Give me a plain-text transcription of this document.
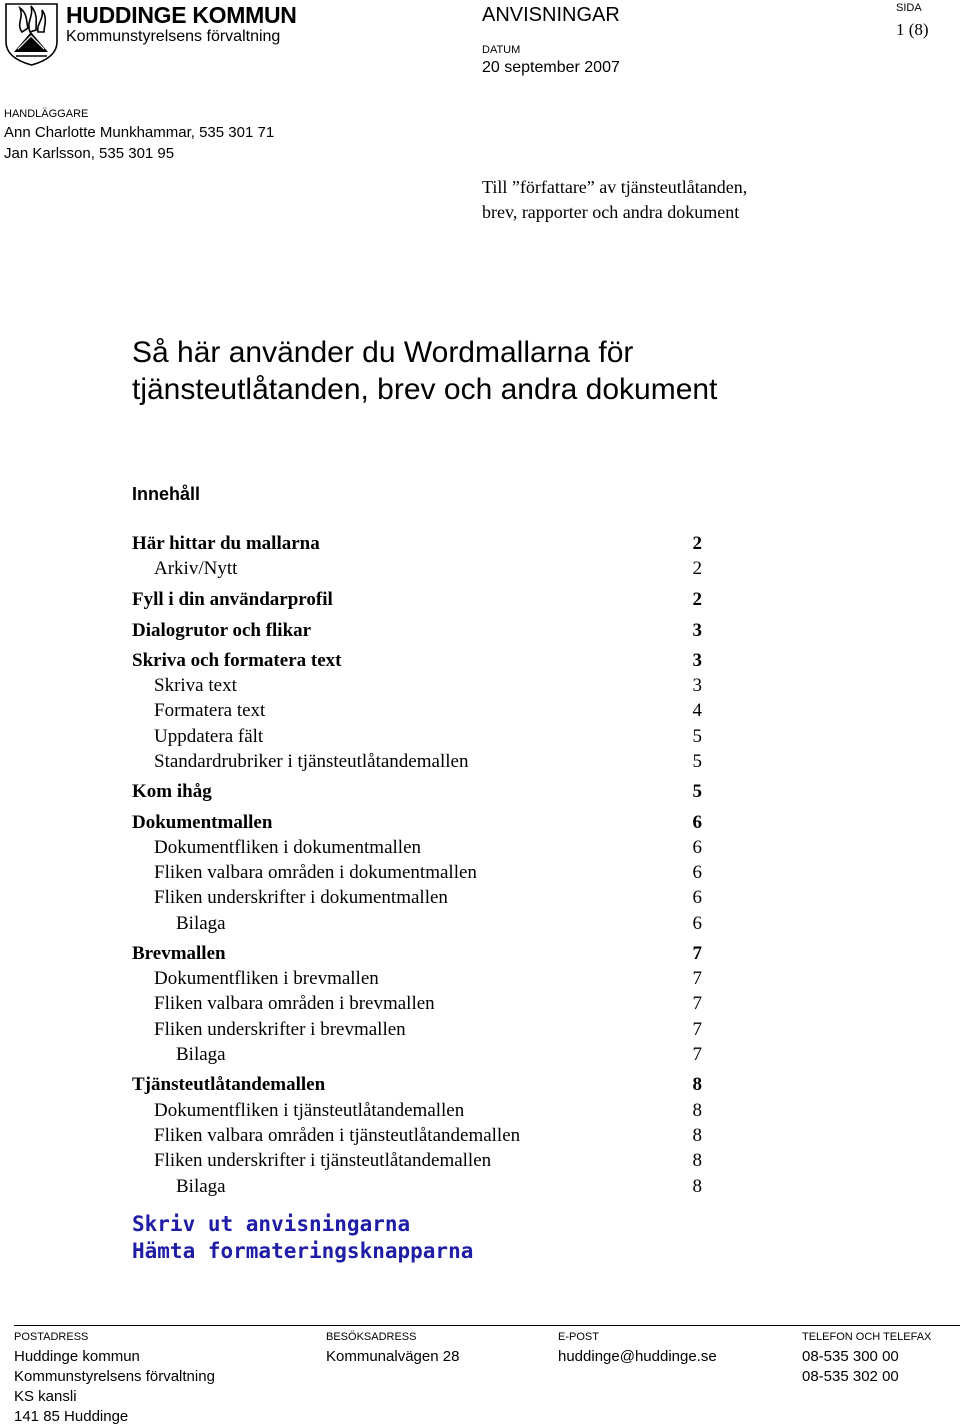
HUDDINGE KOMMUN
Kommunstyrelsens förvaltning
ANVISNINGAR
DATUM
20 september 2007
SIDA
1 (8)
HANDLÄGGARE
Ann Charlotte Munkhammar, 535 301 71
Jan Karlsson, 535 301 95
Till ”författare” av tjänsteutlåtanden,
brev, rapporter och andra dokument
Så här använder du Wordmallarna för
tjänsteutlåtanden, brev och andra dokument
Innehåll
Här hittar du mallarna	2
Arkiv/Nytt	2
Fyll i din användarprofil	2
Dialogrutor och flikar	3
Skriva och formatera text	3
Skriva text	3
Formatera text	4
Uppdatera fält	5
Standardrubriker i tjänsteutlåtandemallen	5
Kom ihåg	5
Dokumentmallen	6
Dokumentfliken i dokumentmallen	6
Fliken valbara områden i dokumentmallen	6
Fliken underskrifter i dokumentmallen	6
Bilaga	6
Brevmallen	7
Dokumentfliken i brevmallen	7
Fliken valbara områden i brevmallen	7
Fliken underskrifter i brevmallen	7
Bilaga	7
Tjänsteutlåtandemallen	8
Dokumentfliken i tjänsteutlåtandemallen	8
Fliken valbara områden i tjänsteutlåtandemallen	8
Fliken underskrifter i tjänsteutlåtandemallen	8
Bilaga	8
Skriv ut anvisningarna
Hämta formateringsknapparna
POSTADRESS
Huddinge kommun
Kommunstyrelsens förvaltning
KS kansli
141 85 Huddinge
BESÖKSADRESS
Kommunalvägen 28
E-POST
huddinge@huddinge.se
TELEFON OCH TELEFAX
08-535 300 00
08-535 302 00
